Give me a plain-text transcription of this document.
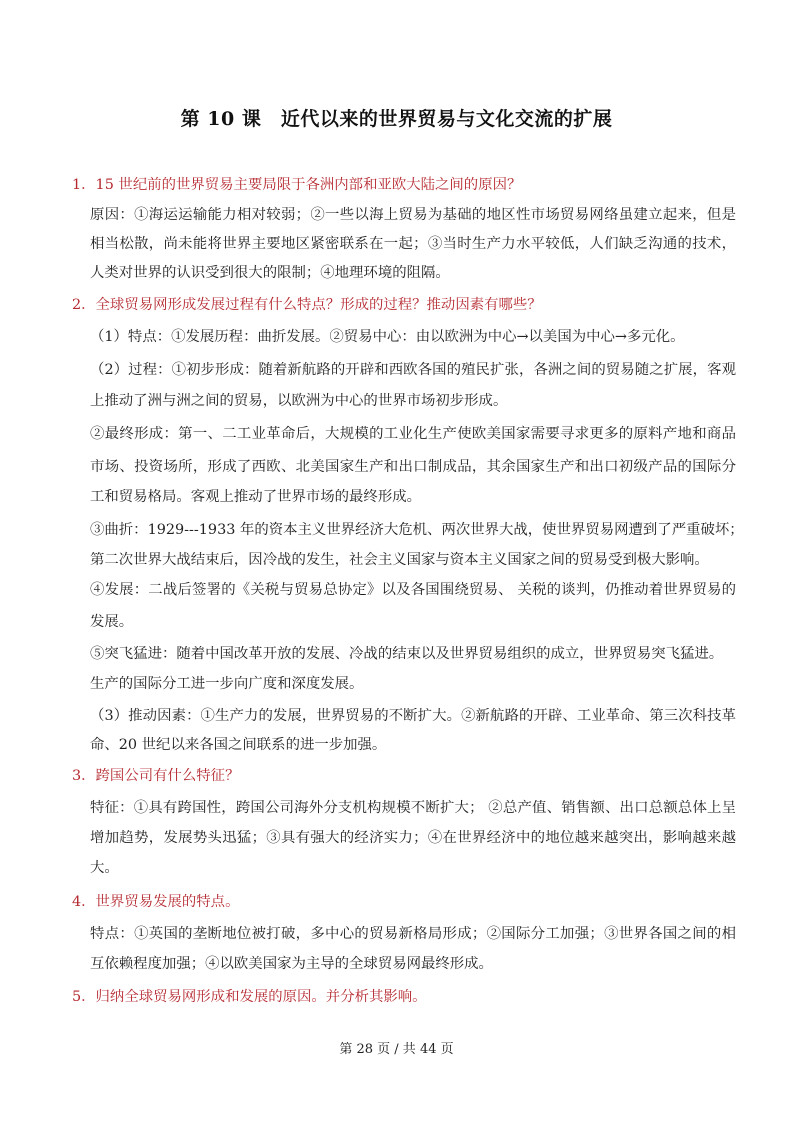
第 10 课　近代以来的世界贸易与文化交流的扩展
1．15 世纪前的世界贸易主要局限于各洲内部和亚欧大陆之间的原因？
原因：①海运运输能力相对较弱；②一些以海上贸易为基础的地区性市场贸易网络虽建立起来，但是
相当松散，尚未能将世界主要地区紧密联系在一起；③当时生产力水平较低，人们缺乏沟通的技术，
人类对世界的认识受到很大的限制；④地理环境的阻隔。
2．全球贸易网形成发展过程有什么特点？形成的过程？推动因素有哪些？
（1）特点：①发展历程：曲折发展。②贸易中心：由以欧洲为中心→以美国为中心→多元化。
（2）过程：①初步形成：随着新航路的开辟和西欧各国的殖民扩张，各洲之间的贸易随之扩展，客观
上推动了洲与洲之间的贸易，以欧洲为中心的世界市场初步形成。
②最终形成：第一、二工业革命后，大规模的工业化生产使欧美国家需要寻求更多的原料产地和商品
市场、投资场所，形成了西欧、北美国家生产和出口制成品，其余国家生产和出口初级产品的国际分
工和贸易格局。客观上推动了世界市场的最终形成。
③曲折：1929---1933 年的资本主义世界经济大危机、两次世界大战，使世界贸易网遭到了严重破坏；
第二次世界大战结束后，因冷战的发生，社会主义国家与资本主义国家之间的贸易受到极大影响。
④发展：二战后签署的《关税与贸易总协定》以及各国围绕贸易、 关税的谈判，仍推动着世界贸易的
发展。
⑤突飞猛进：随着中国改革开放的发展、冷战的结束以及世界贸易组织的成立，世界贸易突飞猛进。
生产的国际分工进一步向广度和深度发展。
（3）推动因素：①生产力的发展，世界贸易的不断扩大。②新航路的开辟、工业革命、第三次科技革
命、20 世纪以来各国之间联系的进一步加强。
3．跨国公司有什么特征？
特征：①具有跨国性，跨国公司海外分支机构规模不断扩大； ②总产值、销售额、出口总额总体上呈
增加趋势，发展势头迅猛；③具有强大的经济实力；④在世界经济中的地位越来越突出，影响越来越
大。
4．世界贸易发展的特点。
特点：①英国的垄断地位被打破，多中心的贸易新格局形成；②国际分工加强；③世界各国之间的相
互依赖程度加强；④以欧美国家为主导的全球贸易网最终形成。
5．归纳全球贸易网形成和发展的原因。并分析其影响。
第 28 页 / 共 44 页
